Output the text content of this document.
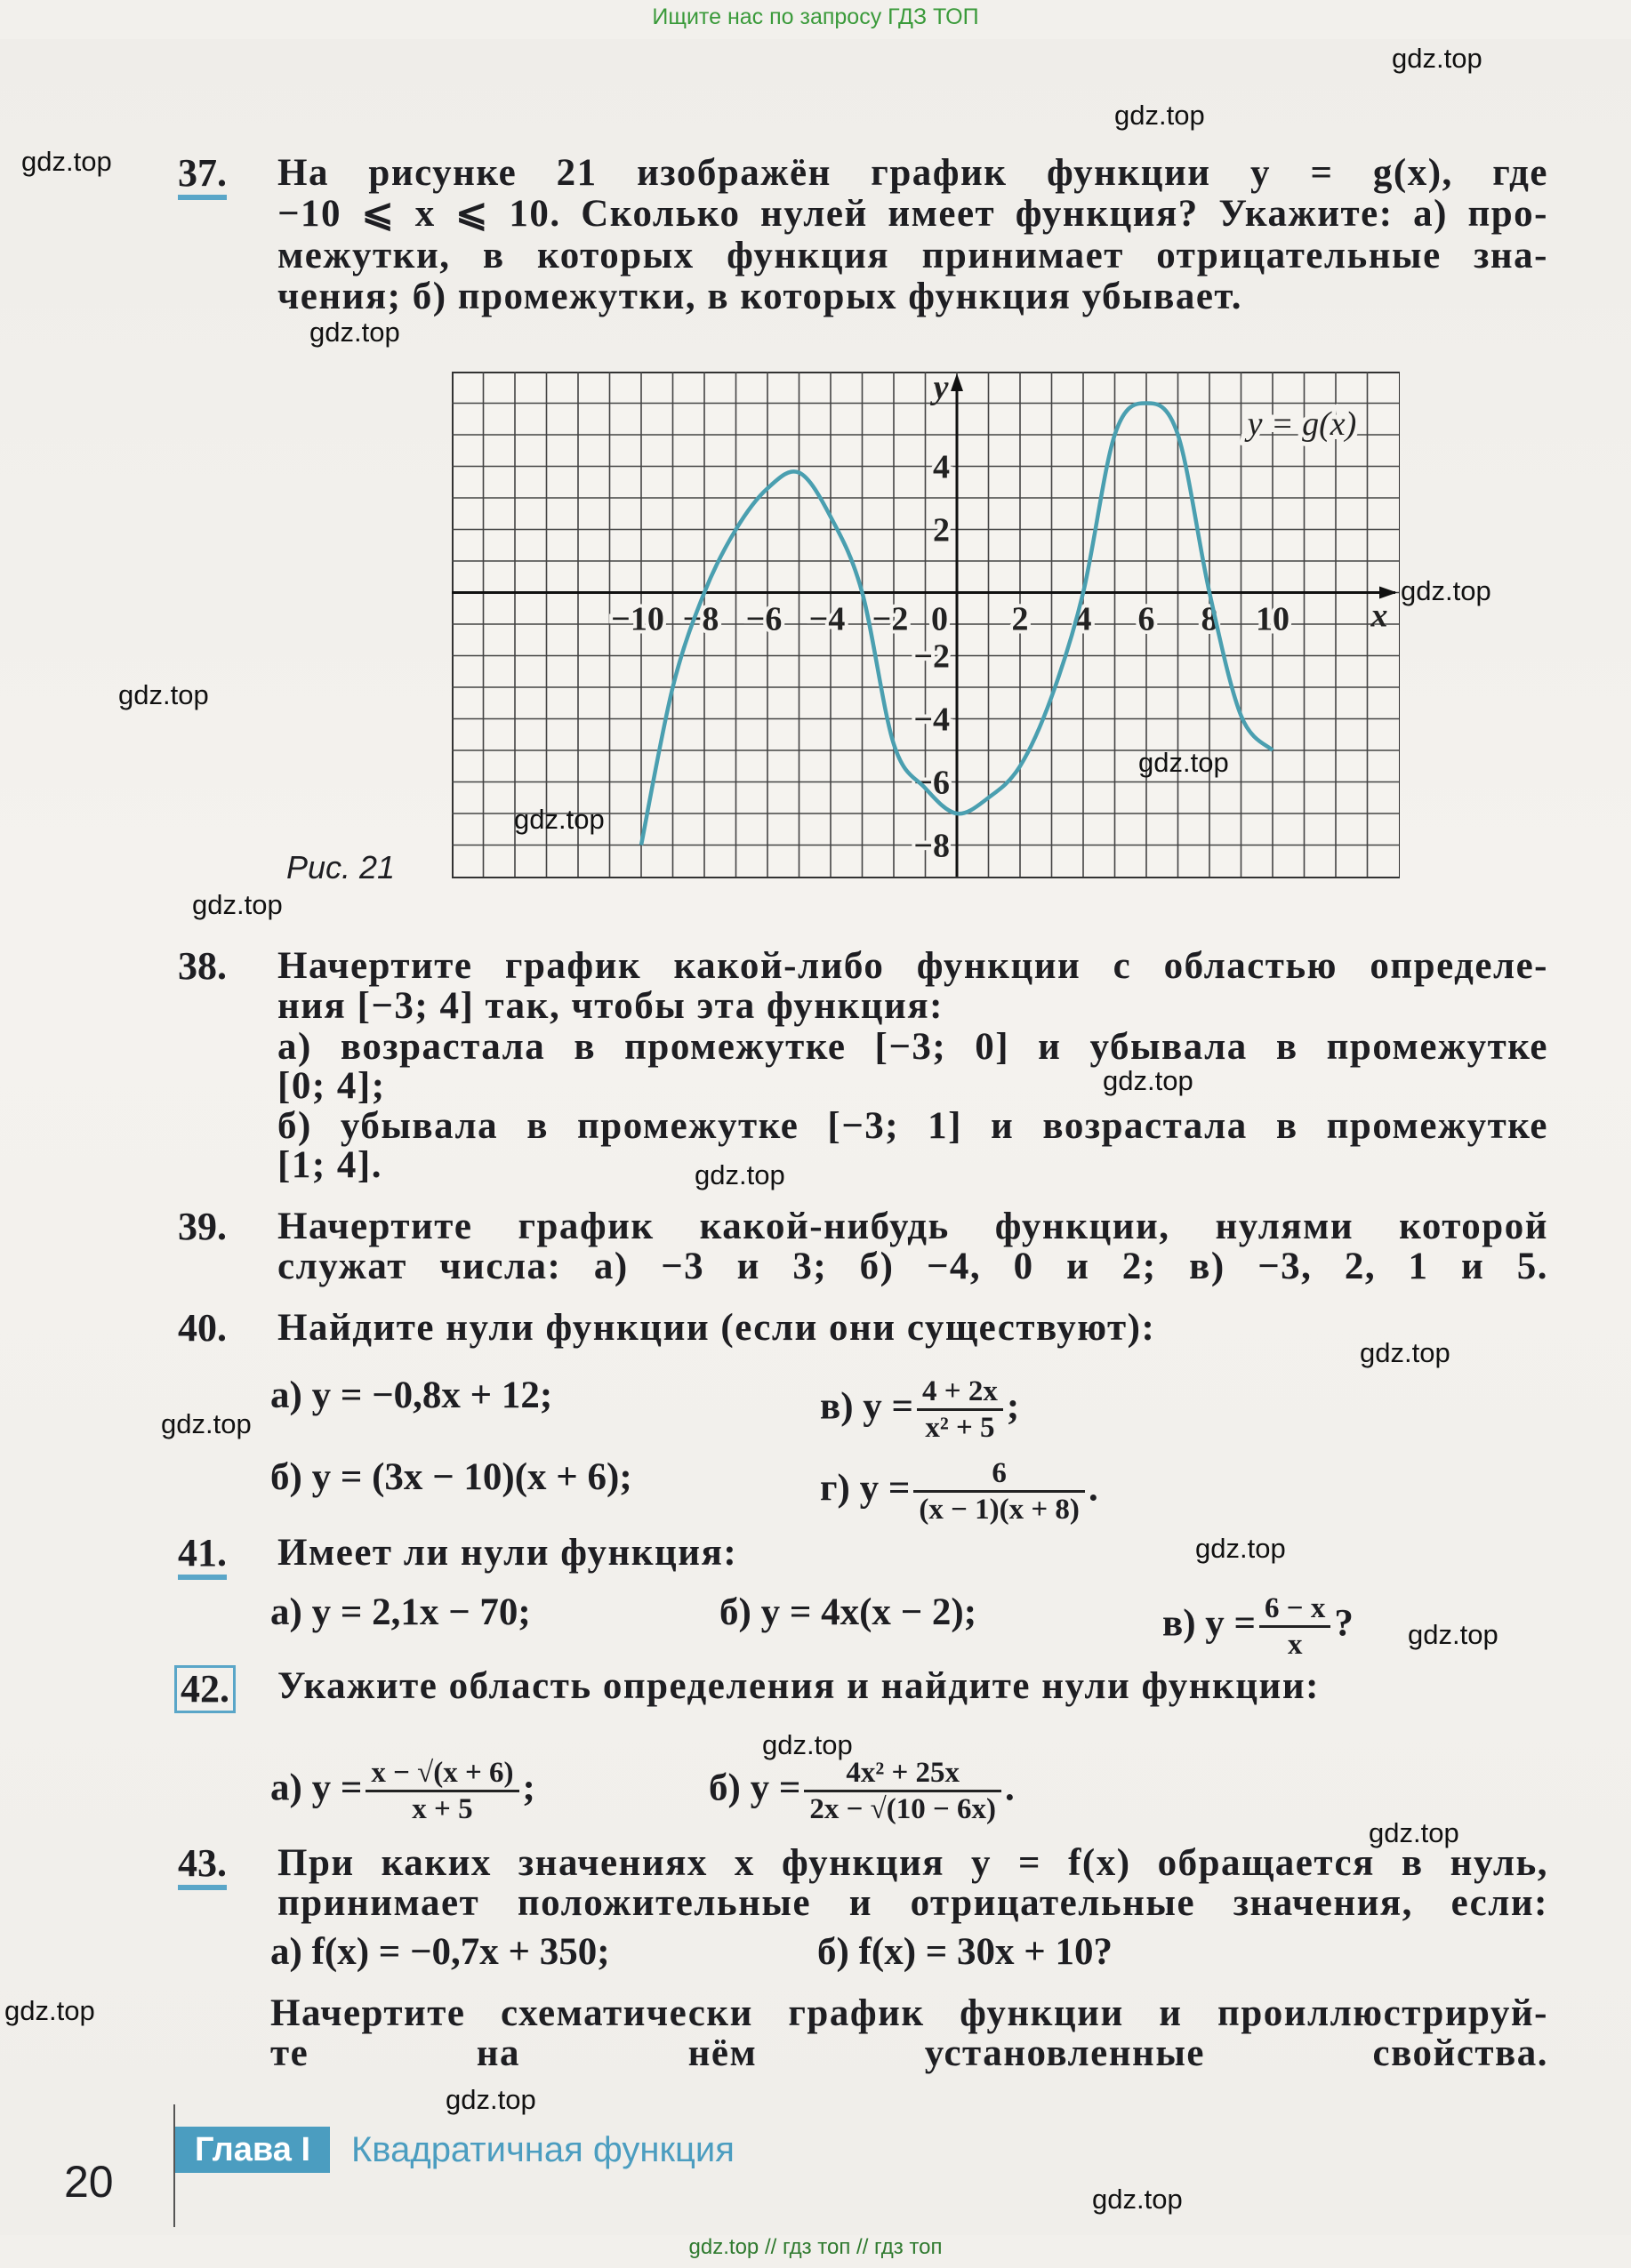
Ищите нас по запросу ГДЗ ТОП
gdz.top // гдз топ // гдз топ
37. На рисунке 21 изображён график функции y = g(x), где
−10 ⩽ x ⩽ 10. Сколько нулей имеет функция? Укажите: а) про-
межутки, в которых функция принимает отрицательные зна-
чения; б) промежутки, в которых функция убывает.
38. Начертите график какой-либо функции с областью определе-
ния [−3; 4] так, чтобы эта функция:
а) возрастала в промежутке [−3; 0] и убывала в промежутке
[0; 4];
б) убывала в промежутке [−3; 1] и возрастала в промежутке
[1; 4].
39. Начертите график какой-нибудь функции, нулями которой
служат числа: а) −3 и 3; б) −4, 0 и 2; в) −3, 2, 1 и 5.
40. Найдите нули функции (если они существуют):
41. Имеет ли нули функция:
42. Укажите область определения и найдите нули функции:
43. При каких значениях x функция y = f(x) обращается в нуль,
принимает положительные и отрицательные значения, если:
Начертите схематически график функции и проиллюстрируй-
те на нём установленные свойства.
gdz.top
gdz.top
gdz.top
gdz.top
gdz.top
gdz.top
gdz.top
gdz.top
gdz.top
gdz.top
gdz.top
gdz.top
gdz.top
gdz.top
gdz.top
gdz.top
gdz.top
gdz.top
gdz.top
gdz.top
а) y = −0,8x + 12;	в) $y = \frac{4 + 2x}{\text{x² + 5}}$ ;
б) y = (3x − 10)(x + 6);	г) $y = \frac{6}{(x - 1)(x + 8)}$ .
а) y = 2,1x − 70;	б) y = 4x(x − 2);	в) $y = \frac{6 - x}{x}$ ?
а) $y = \frac{x - √(x + 6)}{x + 5}$ ;	б) $y = \frac{\text{4x² + 25x}}{2x - √(10 - 6x)}$ .
а) f(x) = −0,7x + 350;	б) f(x) = 30x + 10?
−10 −8 −6 −4 −2	2 4 6 8 10
4
2
−2
−4
−6
−8
0	x
y
y = g(x)
Рис. 21
20
Глава I	Квадратичная функция
